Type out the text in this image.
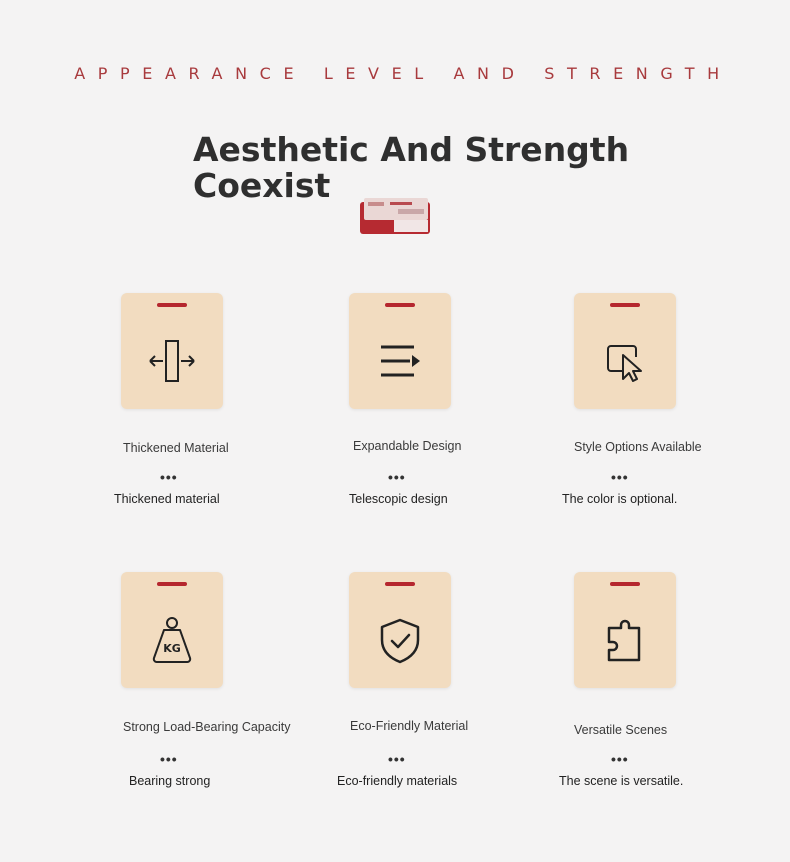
APPEARANCE LEVEL AND STRENGTH
Aesthetic And Strength
Coexist
Thickened Material
•••
Thickened material
Expandable Design
•••
Telescopic design
Style Options Available
•••
The color is optional.
KG
Strong Load-Bearing Capacity
•••
Bearing strong
Eco-Friendly Material
•••
Eco-friendly materials
Versatile Scenes
•••
The scene is versatile.
